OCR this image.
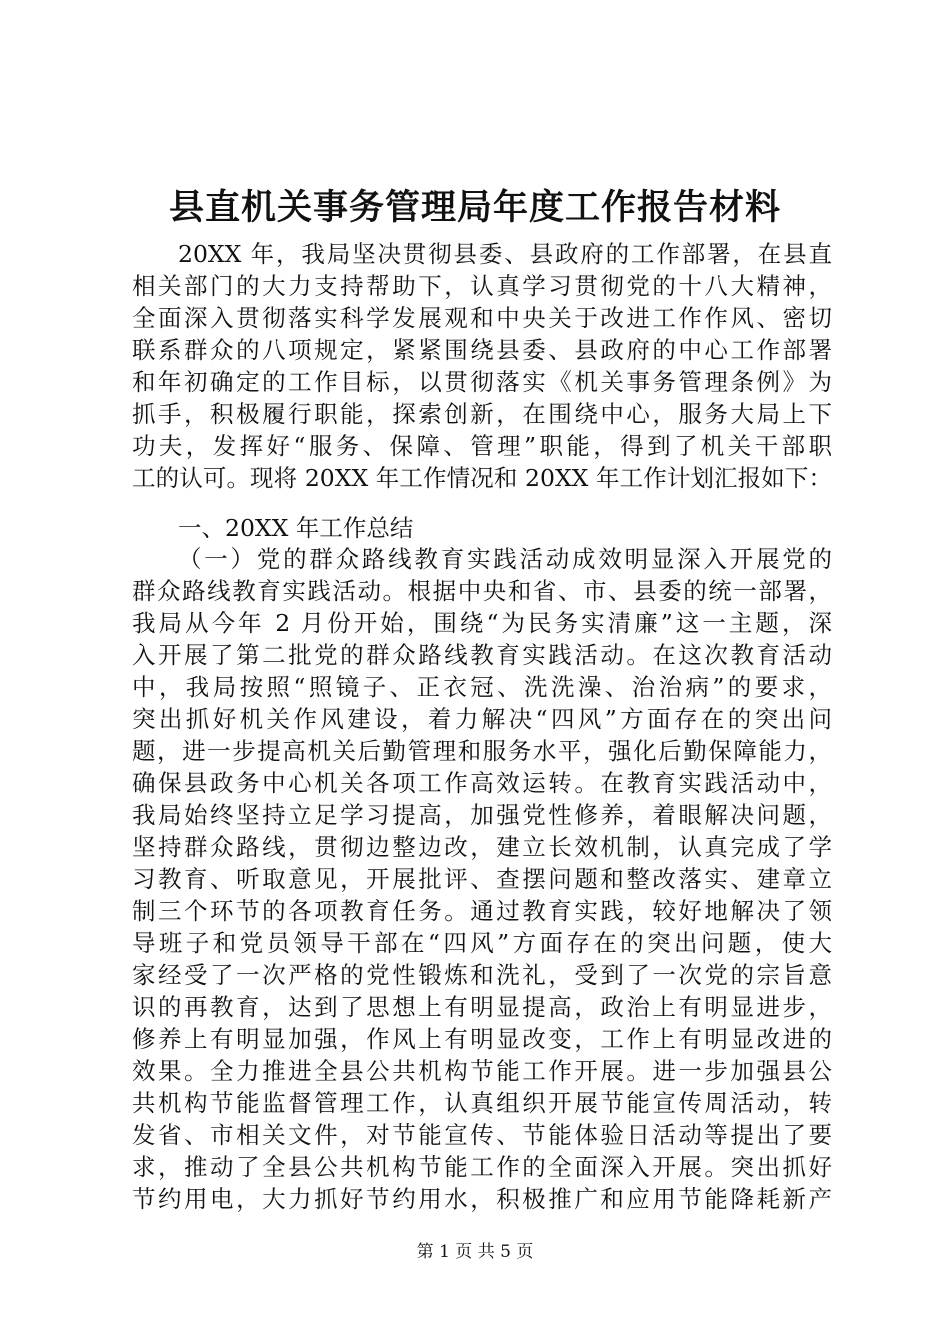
县直机关事务管理局年度工作报告材料

20XX 年，我局坚决贯彻县委、县政府的工作部署，在县直

相关部门的大力支持帮助下，认真学习贯彻党的十八大精神，

全面深入贯彻落实科学发展观和中央关于改进工作作风、密切

联系群众的八项规定，紧紧围绕县委、县政府的中心工作部署

和年初确定的工作目标，以贯彻落实《机关事务管理条例》为

抓手，积极履行职能，探索创新，在围绕中心，服务大局上下

功夫，发挥好“服务、保障、管理”职能，得到了机关干部职

工的认可。现将 20XX 年工作情况和 20XX 年工作计划汇报如下：

一、20XX 年工作总结

（一）党的群众路线教育实践活动成效明显深入开展党的

群众路线教育实践活动。根据中央和省、市、县委的统一部署，

我局从今年 2 月份开始，围绕“为民务实清廉”这一主题，深

入开展了第二批党的群众路线教育实践活动。在这次教育活动

中，我局按照“照镜子、正衣冠、洗洗澡、治治病”的要求，

突出抓好机关作风建设，着力解决“四风”方面存在的突出问

题，进一步提高机关后勤管理和服务水平，强化后勤保障能力，

确保县政务中心机关各项工作高效运转。在教育实践活动中，

我局始终坚持立足学习提高，加强党性修养，着眼解决问题，

坚持群众路线，贯彻边整边改，建立长效机制，认真完成了学

习教育、听取意见，开展批评、查摆问题和整改落实、建章立

制三个环节的各项教育任务。通过教育实践，较好地解决了领

导班子和党员领导干部在“四风”方面存在的突出问题，使大

家经受了一次严格的党性锻炼和洗礼，受到了一次党的宗旨意

识的再教育，达到了思想上有明显提高，政治上有明显进步，

修养上有明显加强，作风上有明显改变，工作上有明显改进的

效果。全力推进全县公共机构节能工作开展。进一步加强县公

共机构节能监督管理工作，认真组织开展节能宣传周活动，转

发省、市相关文件，对节能宣传、节能体验日活动等提出了要

求，推动了全县公共机构节能工作的全面深入开展。突出抓好

节约用电，大力抓好节约用水，积极推广和应用节能降耗新产

第 1 页 共 5 页
